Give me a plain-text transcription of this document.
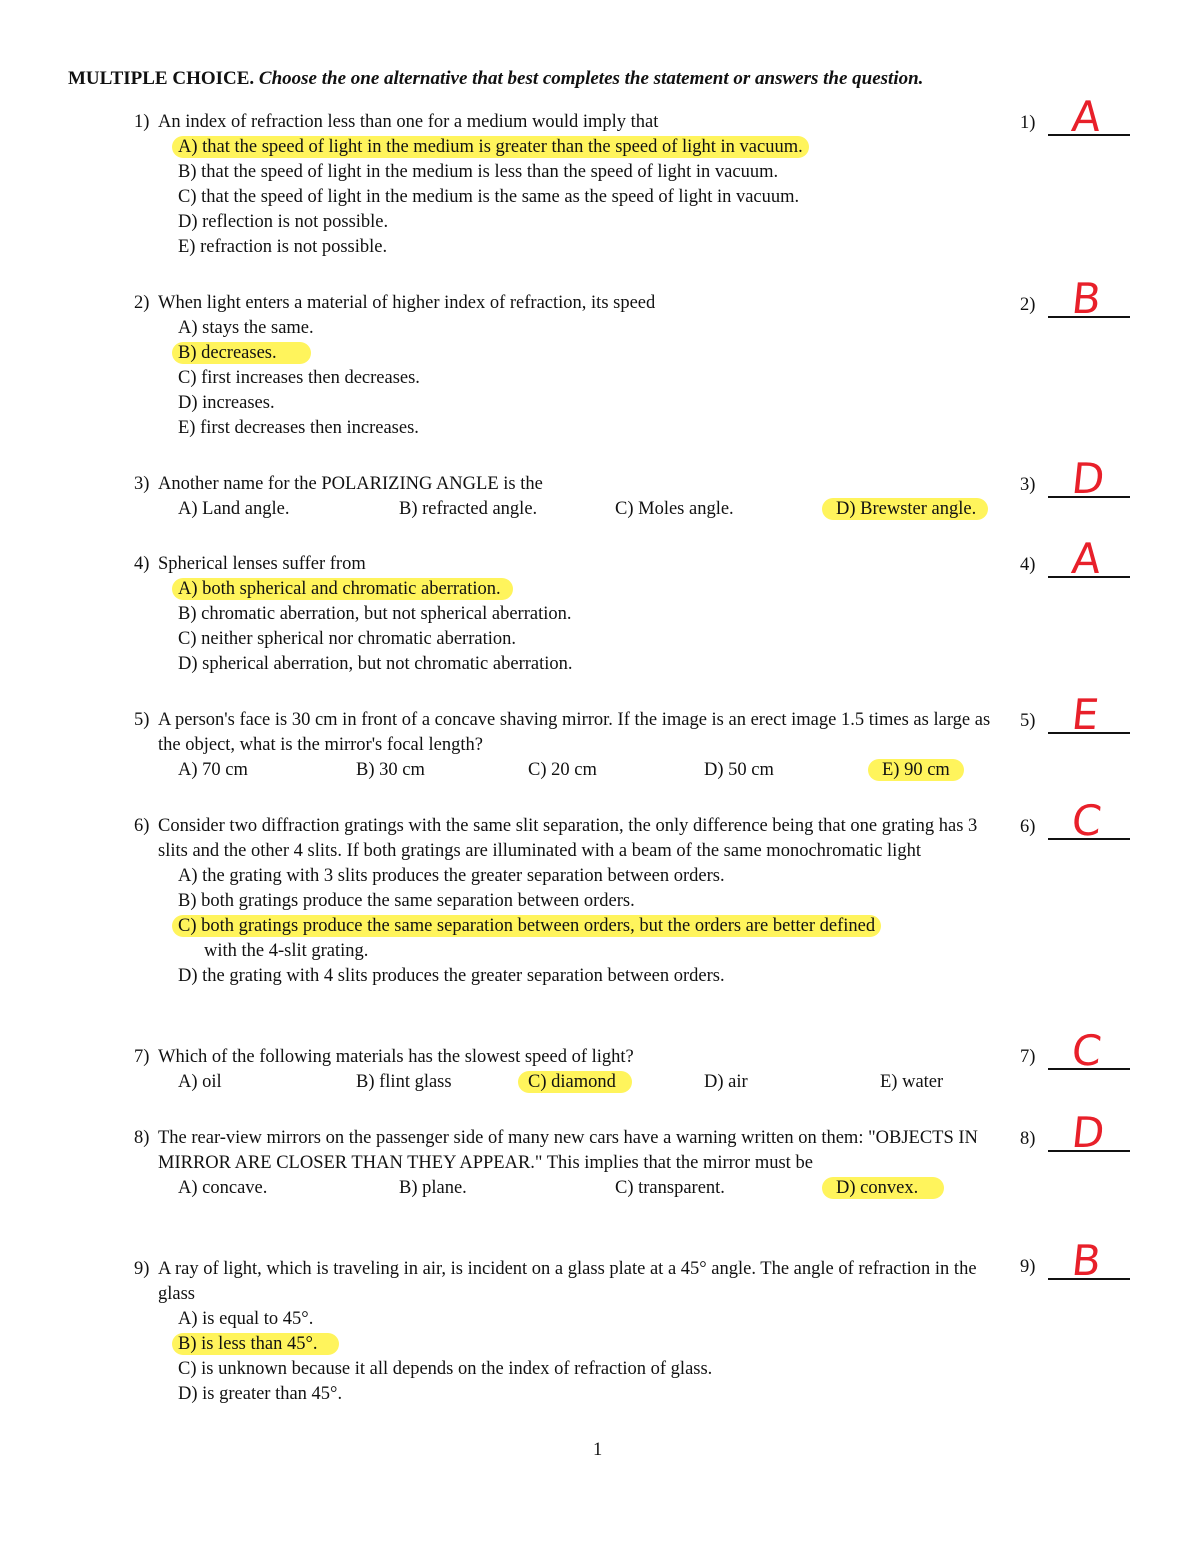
MULTIPLE CHOICE. Choose the one alternative that best completes the statement or answers the question.
1) An index of refraction less than one for a medium would imply that
A) that the speed of light in the medium is greater than the speed of light in vacuum.
B) that the speed of light in the medium is less than the speed of light in vacuum.
C) that the speed of light in the medium is the same as the speed of light in vacuum.
D) reflection is not possible.
E) refraction is not possible.
1) A
2) When light enters a material of higher index of refraction, its speed
A) stays the same.
B) decreases.
C) first increases then decreases.
D) increases.
E) first decreases then increases.
2) B
3) Another name for the POLARIZING ANGLE is the
A) Land angle.	B) refracted angle.	C) Moles angle.	D) Brewster angle.
3) D
4) Spherical lenses suffer from
A) both spherical and chromatic aberration.
B) chromatic aberration, but not spherical aberration.
C) neither spherical nor chromatic aberration.
D) spherical aberration, but not chromatic aberration.
4) A
5) A person's face is 30 cm in front of a concave shaving mirror. If the image is an erect image 1.5 times as large as the object, what is the mirror's focal length?
A) 70 cm	B) 30 cm	C) 20 cm	D) 50 cm	E) 90 cm
5) E
6) Consider two diffraction gratings with the same slit separation, the only difference being that one grating has 3 slits and the other 4 slits. If both gratings are illuminated with a beam of the same monochromatic light
A) the grating with 3 slits produces the greater separation between orders.
B) both gratings produce the same separation between orders.
C) both gratings produce the same separation between orders, but the orders are better defined
with the 4-slit grating.
D) the grating with 4 slits produces the greater separation between orders.
6) C
7) Which of the following materials has the slowest speed of light?
A) oil	B) flint glass	C) diamond	D) air	E) water
7) C
8) The rear-view mirrors on the passenger side of many new cars have a warning written on them: "OBJECTS IN MIRROR ARE CLOSER THAN THEY APPEAR." This implies that the mirror must be
A) concave.	B) plane.	C) transparent.	D) convex.
8) D
9) A ray of light, which is traveling in air, is incident on a glass plate at a 45° angle. The angle of refraction in the glass
A) is equal to 45°.
B) is less than 45°.
C) is unknown because it all depends on the index of refraction of glass.
D) is greater than 45°.
9) B
1
